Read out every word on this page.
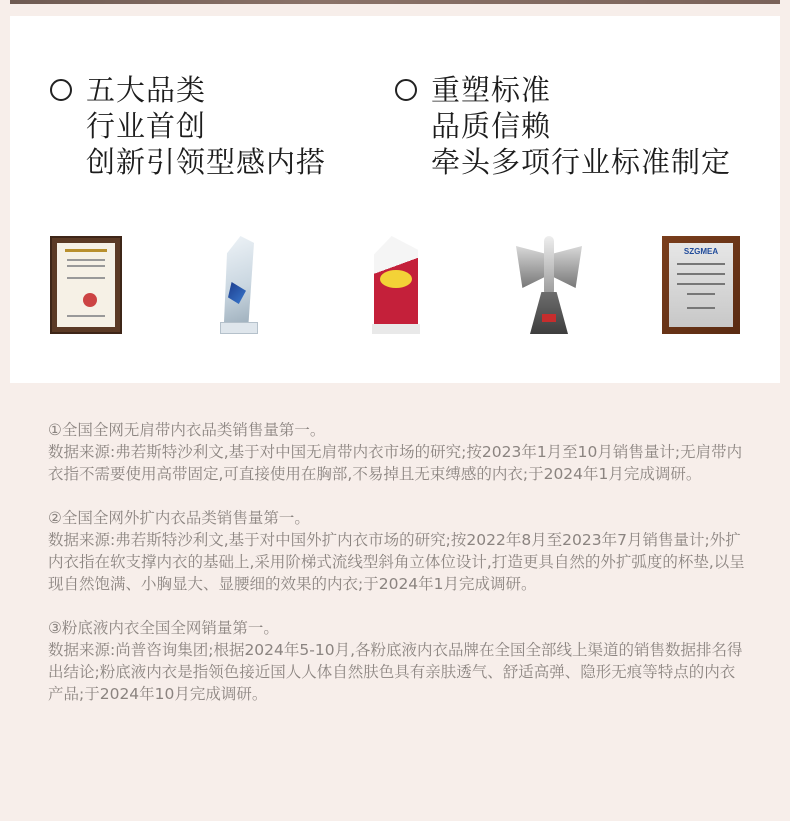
五大品类
行业首创
创新引领型感内搭
重塑标准
品质信赖
牵头多项行业标准制定
SZGMEA

①全国全网无肩带内衣品类销售量第一。

数据来源:弗若斯特沙利文,基于对中国无肩带内衣市场的研究;按2023年1月至10月销售量计;无肩带内衣指不需要使用高带固定,可直接使用在胸部,不易掉且无束缚感的内衣;于2024年1月完成调研。

②全国全网外扩内衣品类销售量第一。

数据来源:弗若斯特沙利文,基于对中国外扩内衣市场的研究;按2022年8月至2023年7月销售量计;外扩内衣指在软支撑内衣的基础上,采用阶梯式流线型斜角立体位设计,打造更具自然的外扩弧度的杯垫,以呈现自然饱满、小胸显大、显腰细的效果的内衣;于2024年1月完成调研。

③粉底液内衣全国全网销量第一。

数据来源:尚普咨询集团;根据2024年5-10月,各粉底液内衣品牌在全国全部线上渠道的销售数据排名得出结论;粉底液内衣是指领色接近国人人体自然肤色具有亲肤透气、舒适高弹、隐形无痕等特点的内衣产品;于2024年10月完成调研。
